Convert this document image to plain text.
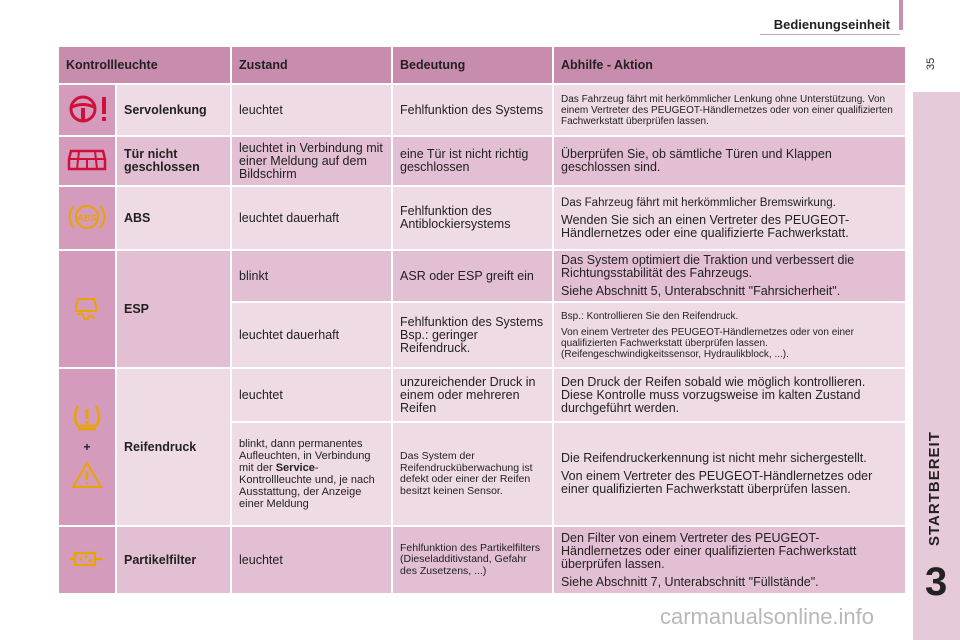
Bedienungseinheit
35
STARTBEREIT
3
Kontrollleuchte		Zustand	Bedeutung	Abhilfe - Aktion

	Servolenkung	leuchtet	Fehlfunktion des Systems	Das Fahrzeug fährt mit herkömmlicher Lenkung ohne Unterstützung. Von einem Vertreter des PEUGEOT-Händlernetzes oder von einer qualifizierten Fachwerkstatt überprüfen lassen.

	Tür nicht geschlossen	leuchtet in Verbindung mit einer Meldung auf dem Bildschirm	eine Tür ist nicht richtig geschlossen	Überprüfen Sie, ob sämtliche Türen und Klappen geschlossen sind.

ABS	ABS	leuchtet dauerhaft	Fehlfunktion des Antiblockiersystems	Das Fahrzeug fährt mit herkömmlicher Bremswirkung.
Wenden Sie sich an einen Vertreter des PEUGEOT-Händlernetzes oder eine qualifizierte Fachwerkstatt.

	ESP	blinkt	ASR oder ESP greift ein	Das System optimiert die Traktion und verbessert die Richtungsstabilität des Fahrzeugs.
Siehe Abschnitt 5, Unterabschnitt "Fahrsicherheit".

		leuchtet dauerhaft	Fehlfunktion des Systems Bsp.: geringer Reifendruck.	Bsp.: Kontrollieren Sie den Reifendruck.
Von einem Vertreter des PEUGEOT-Händlernetzes oder von einer qualifizierten Fachwerkstatt überprüfen lassen. (Reifengeschwindigkeitssensor, Hydraulikblock, ...).

+	Reifendruck	leuchtet	unzureichender Druck in einem oder mehreren Reifen	Den Druck der Reifen sobald wie möglich kontrollieren. Diese Kontrolle muss vorzugsweise im kalten Zustand durchgeführt werden.
		blinkt, dann permanentes Aufleuchten, in Verbindung mit der Service-Kontrollleuchte und, je nach Ausstattung, der Anzeige einer Meldung	Das System der Reifendrucküberwachung ist defekt oder einer der Reifen besitzt keinen Sensor.	Die Reifendruckerkennung ist nicht mehr sichergestellt.
Von einem Vertreter des PEUGEOT-Händlernetzes oder einer qualifizierten Fachwerkstatt überprüfen lassen.

	Partikelfilter	leuchtet	Fehlfunktion des Partikelfilters (Dieseladditivstand, Gefahr des Zusetzens, ...)	Den Filter von einem Vertreter des PEUGEOT-Händlernetzes oder einer qualifizierten Fachwerkstatt überprüfen lassen.
Siehe Abschnitt 7, Unterabschnitt "Füllstände".
carmanualsonline.info
